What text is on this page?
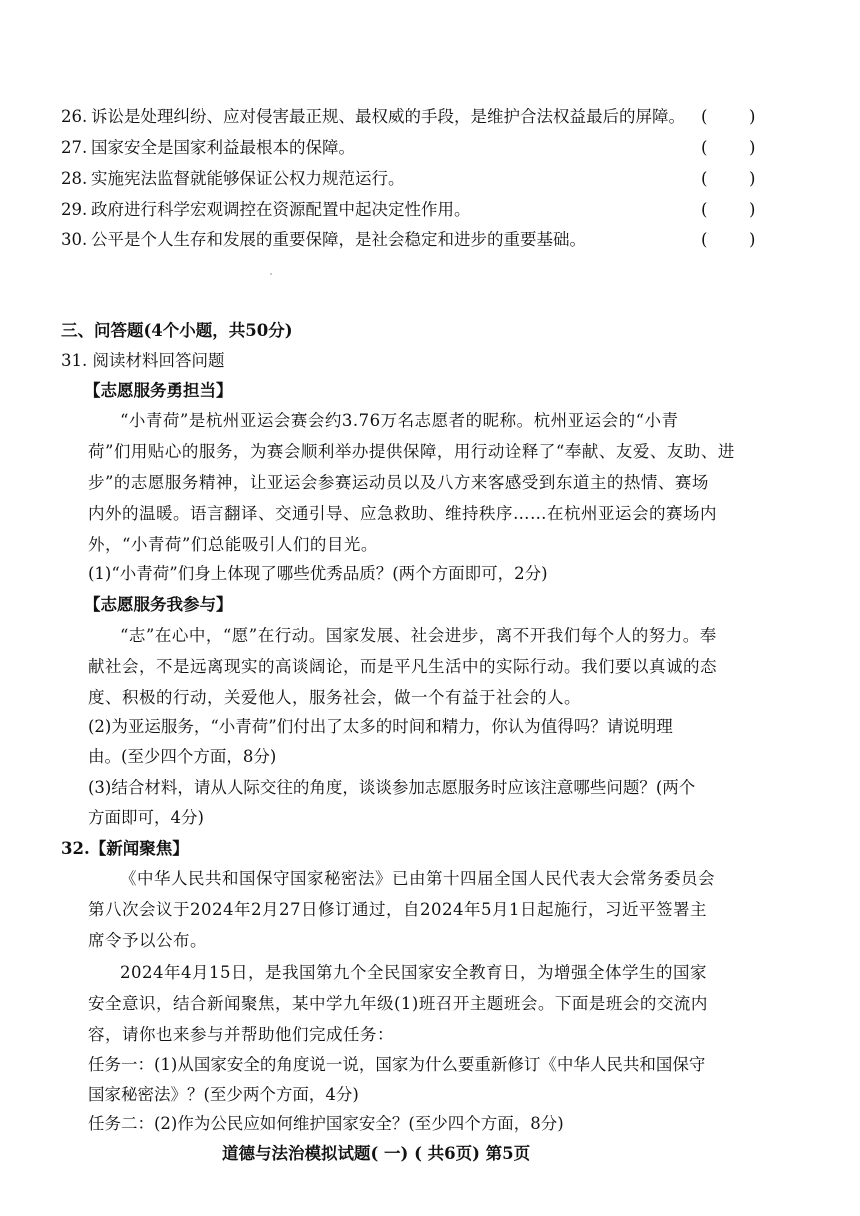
26. 诉讼是处理纠纷、应对侵害最正规、最权威的手段，是维护合法权益最后的屏障。 (	)
27. 国家安全是国家利益最根本的保障。	(	)
28. 实施宪法监督就能够保证公权力规范运行。	(	)
29. 政府进行科学宏观调控在资源配置中起决定性作用。	(	)
30. 公平是个人生存和发展的重要保障，是社会稳定和进步的重要基础。	(	)
三、问答题(4个小题，共50分)
31. 阅读材料回答问题
【志愿服务勇担当】
“小青荷”是杭州亚运会赛会约3.76万名志愿者的昵称。杭州亚运会的“小青
荷”们用贴心的服务，为赛会顺利举办提供保障，用行动诠释了“奉献、友爱、友助、进
步”的志愿服务精神，让亚运会参赛运动员以及八方来客感受到东道主的热情、赛场
内外的温暖。语言翻译、交通引导、应急救助、维持秩序……在杭州亚运会的赛场内
外，“小青荷”们总能吸引人们的目光。
(1)“小青荷”们身上体现了哪些优秀品质？(两个方面即可，2分)
【志愿服务我参与】
“志”在心中，“愿”在行动。国家发展、社会进步，离不开我们每个人的努力。奉
献社会，不是远离现实的高谈阔论，而是平凡生活中的实际行动。我们要以真诚的态
度、积极的行动，关爱他人，服务社会，做一个有益于社会的人。
(2)为亚运服务，“小青荷”们付出了太多的时间和精力，你认为值得吗？请说明理
由。(至少四个方面，8分)
(3)结合材料，请从人际交往的角度，谈谈参加志愿服务时应该注意哪些问题？(两个
方面即可，4分)
32.【新闻聚焦】
《中华人民共和国保守国家秘密法》已由第十四届全国人民代表大会常务委员会
第八次会议于2024年2月27日修订通过，自2024年5月1日起施行，习近平签署主
席令予以公布。
2024年4月15日，是我国第九个全民国家安全教育日，为增强全体学生的国家
安全意识，结合新闻聚焦，某中学九年级(1)班召开主题班会。下面是班会的交流内
容，请你也来参与并帮助他们完成任务：
任务一：(1)从国家安全的角度说一说，国家为什么要重新修订《中华人民共和国保守
国家秘密法》？(至少两个方面，4分)
任务二：(2)作为公民应如何维护国家安全？(至少四个方面，8分)
道德与法治模拟试题( 一) ( 共6页) 第5页
